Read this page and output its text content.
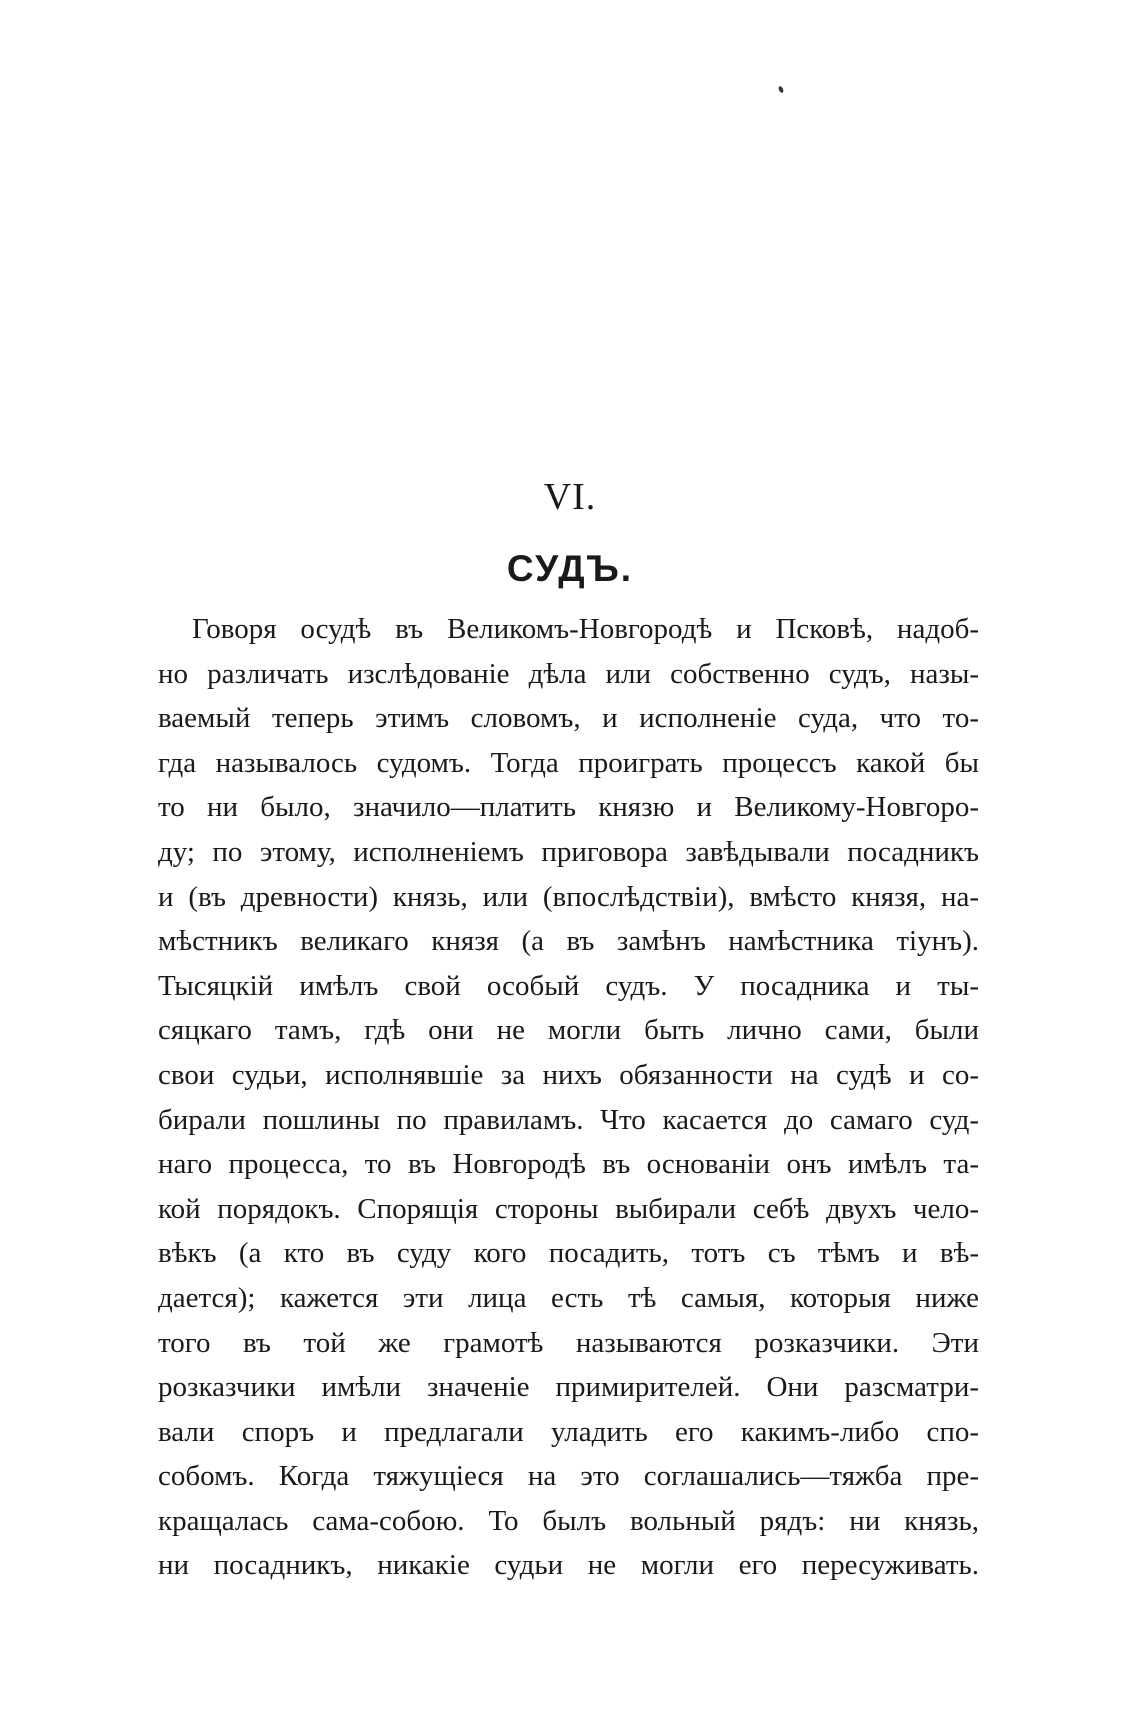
VI.
СУДЪ.
Говоря осудѣ въ Великомъ-Новгородѣ и Псковѣ, надоб-
но различать изслѣдованіе дѣла или собственно судъ, назы-
ваемый теперь этимъ словомъ, и исполненіе суда, что то-
гда называлось судомъ. Тогда проиграть процессъ какой бы
то ни было, значило—платить князю и Великому-Новгоро-
ду; по этому, исполненіемъ приговора завѣдывали посадникъ
и (въ древности) князь, или (впослѣдствіи), вмѣсто князя, на-
мѣстникъ великаго князя (а въ замѣнъ намѣстника тіунъ).
Тысяцкій имѣлъ свой особый судъ. У посадника и ты-
сяцкаго тамъ, гдѣ они не могли быть лично сами, были
свои судьи, исполнявшіе за нихъ обязанности на судѣ и со-
бирали пошлины по правиламъ. Что касается до самаго суд-
наго процесса, то въ Новгородѣ въ основаніи онъ имѣлъ та-
кой порядокъ. Спорящія стороны выбирали себѣ двухъ чело-
вѣкъ (а кто въ суду кого посадить, тотъ съ тѣмъ и вѣ-
дается); кажется эти лица есть тѣ самыя, которыя ниже
того въ той же грамотѣ называются розказчики. Эти
розказчики имѣли значеніе примирителей. Они разсматри-
вали споръ и предлагали уладить его какимъ-либо спо-
собомъ. Когда тяжущіеся на это соглашались—тяжба пре-
кращалась сама-собою. То былъ вольный рядъ: ни князь,
ни посадникъ, никакіе судьи не могли его пересуживать.
